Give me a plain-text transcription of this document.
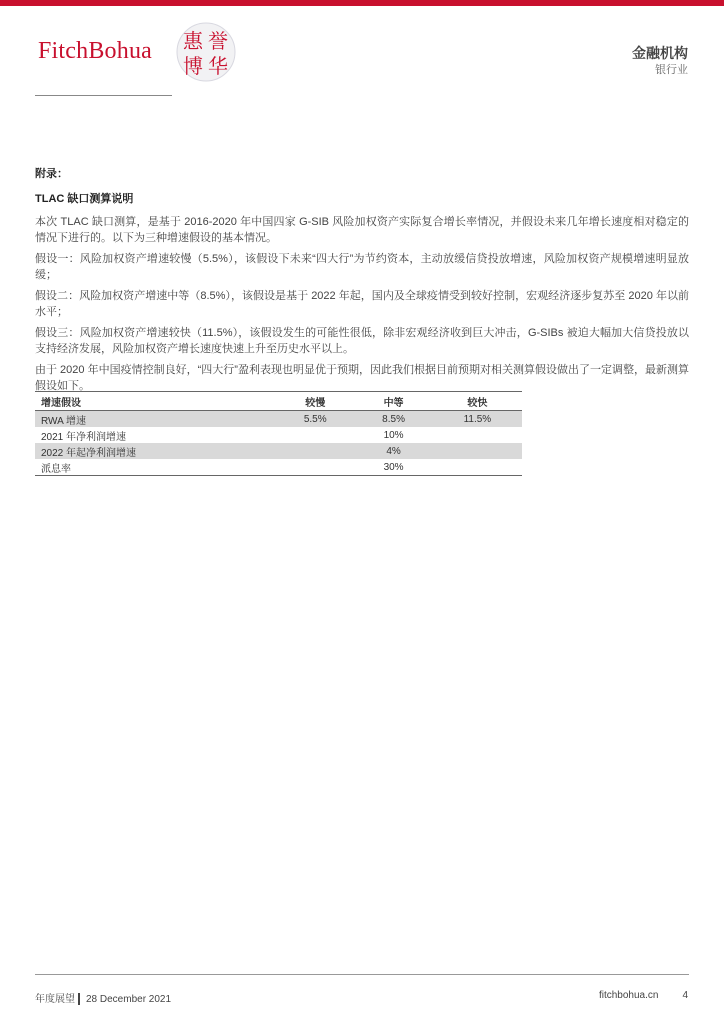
FitchBohua 惠 誉
博 华
金融机构
银行业
附录：
TLAC 缺口测算说明

本次 TLAC 缺口测算，是基于 2016-2020 年中国四家 G-SIB 风险加权资产实际复合增长率情况，并假设未来几年增长速度相对稳定的情况下进行的。以下为三种增速假设的基本情况。

假设一：风险加权资产增速较慢（5.5%），该假设下未来“四大行”为节约资本，主动放缓信贷投放增速，风险加权资产规模增速明显放缓；

假设二：风险加权资产增速中等（8.5%），该假设是基于 2022 年起，国内及全球疫情受到较好控制，宏观经济逐步复苏至 2020 年以前水平；

假设三：风险加权资产增速较快（11.5%），该假设发生的可能性很低，除非宏观经济收到巨大冲击，G-SIBs 被迫大幅加大信贷投放以支持经济发展，风险加权资产增长速度快速上升至历史水平以上。

由于 2020 年中国疫情控制良好，“四大行”盈利表现也明显优于预期，因此我们根据目前预期对相关测算假设做出了一定调整，最新测算假设如下。

增速假设	较慢	中等	较快
RWA 增速	5.5%	8.5%	11.5%
2021 年净利润增速		10%	
2022 年起净利润增速		4%	
派息率		30%	
年度展望 28 December 2021	fitchbohua.cn 4
